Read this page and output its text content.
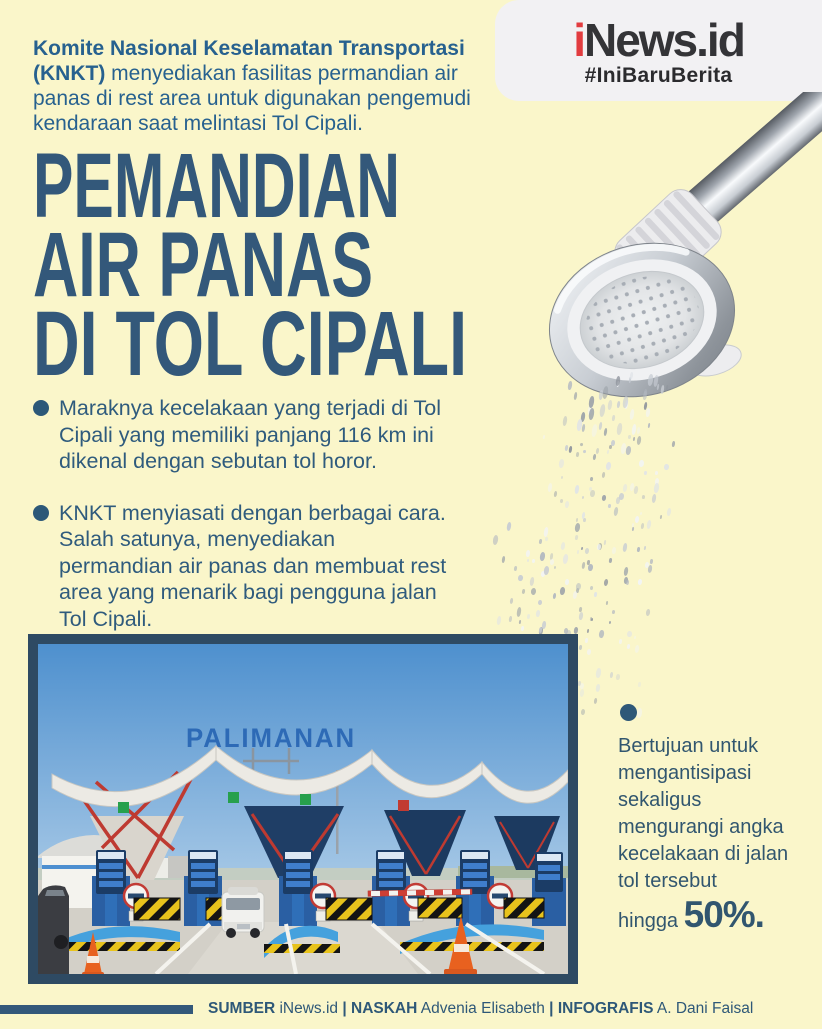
Komite Nasional Keselamatan Transportasi
(KNKT) menyediakan fasilitas permandian air
panas di rest area untuk digunakan pengemudi
kendaraan saat melintasi Tol Cipali.
iNews.id
#IniBaruBerita
PEMANDIAN
AIR PANAS
DI TOL CIPALI
Maraknya kecelakaan yang terjadi di Tol Cipali yang memiliki panjang 116 km ini dikenal dengan sebutan tol horor.
KNKT menyiasati dengan berbagai cara. Salah satunya, menyediakan permandian air panas dan membuat rest area yang menarik bagi pengguna jalan Tol Cipali.
PALIMANAN	Bertujuan untuk mengantisipasi sekaligus mengurangi angka kecelakaan di jalan tol tersebut
hingga 50%.
SUMBER iNews.id | NASKAH Advenia Elisabeth | INFOGRAFIS A. Dani Faisal
